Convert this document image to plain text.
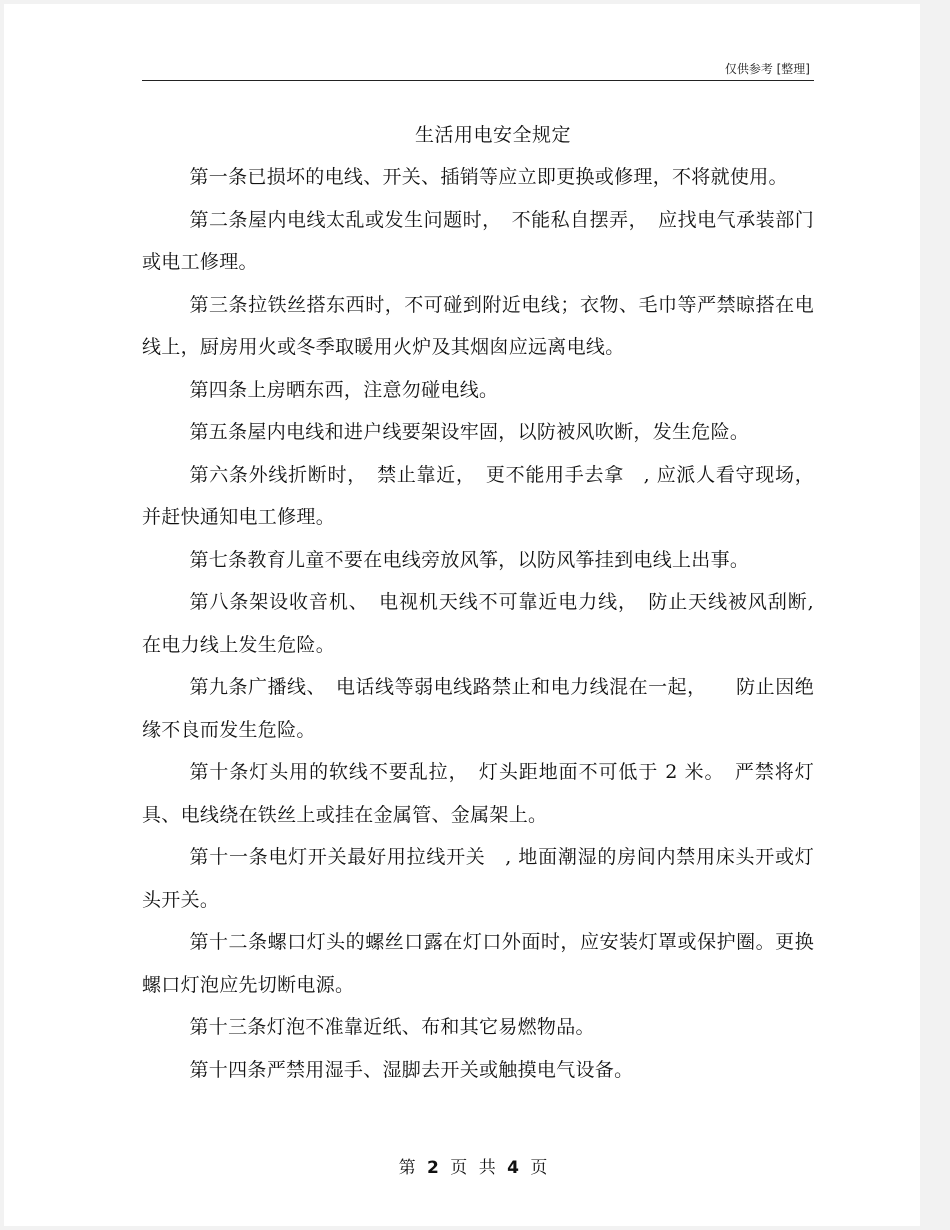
仅供参考 [整理]
生活用电安全规定

第一条已损坏的电线、开关、插销等应立即更换或修理，不将就使用。

第二条屋内电线太乱或发生问题时，　不能私自摆弄，　应找电气承装部门或电工修理。

第三条拉铁丝搭东西时，不可碰到附近电线；衣物、毛巾等严禁晾搭在电线上，厨房用火或冬季取暖用火炉及其烟囱应远离电线。

第四条上房晒东西，注意勿碰电线。

第五条屋内电线和进户线要架设牢固，以防被风吹断，发生危险。

第六条外线折断时，　禁止靠近，　更不能用手去拿　, 应派人看守现场，并赶快通知电工修理。

第七条教育儿童不要在电线旁放风筝，以防风筝挂到电线上出事。

第八条架设收音机、　电视机天线不可靠近电力线，　防止天线被风刮断, 在电力线上发生危险。

第九条广播线、　电话线等弱电线路禁止和电力线混在一起，　　防止因绝缘不良而发生危险。

第十条灯头用的软线不要乱拉，　灯头距地面不可低于 2 米。　严禁将灯具、电线绕在铁丝上或挂在金属管、金属架上。

第十一条电灯开关最好用拉线开关　, 地面潮湿的房间内禁用床头开或灯头开关。

第十二条螺口灯头的螺丝口露在灯口外面时，应安装灯罩或保护圈。更换螺口灯泡应先切断电源。

第十三条灯泡不准靠近纸、布和其它易燃物品。

第十四条严禁用湿手、湿脚去开关或触摸电气设备。

第 2 页 共 4 页
